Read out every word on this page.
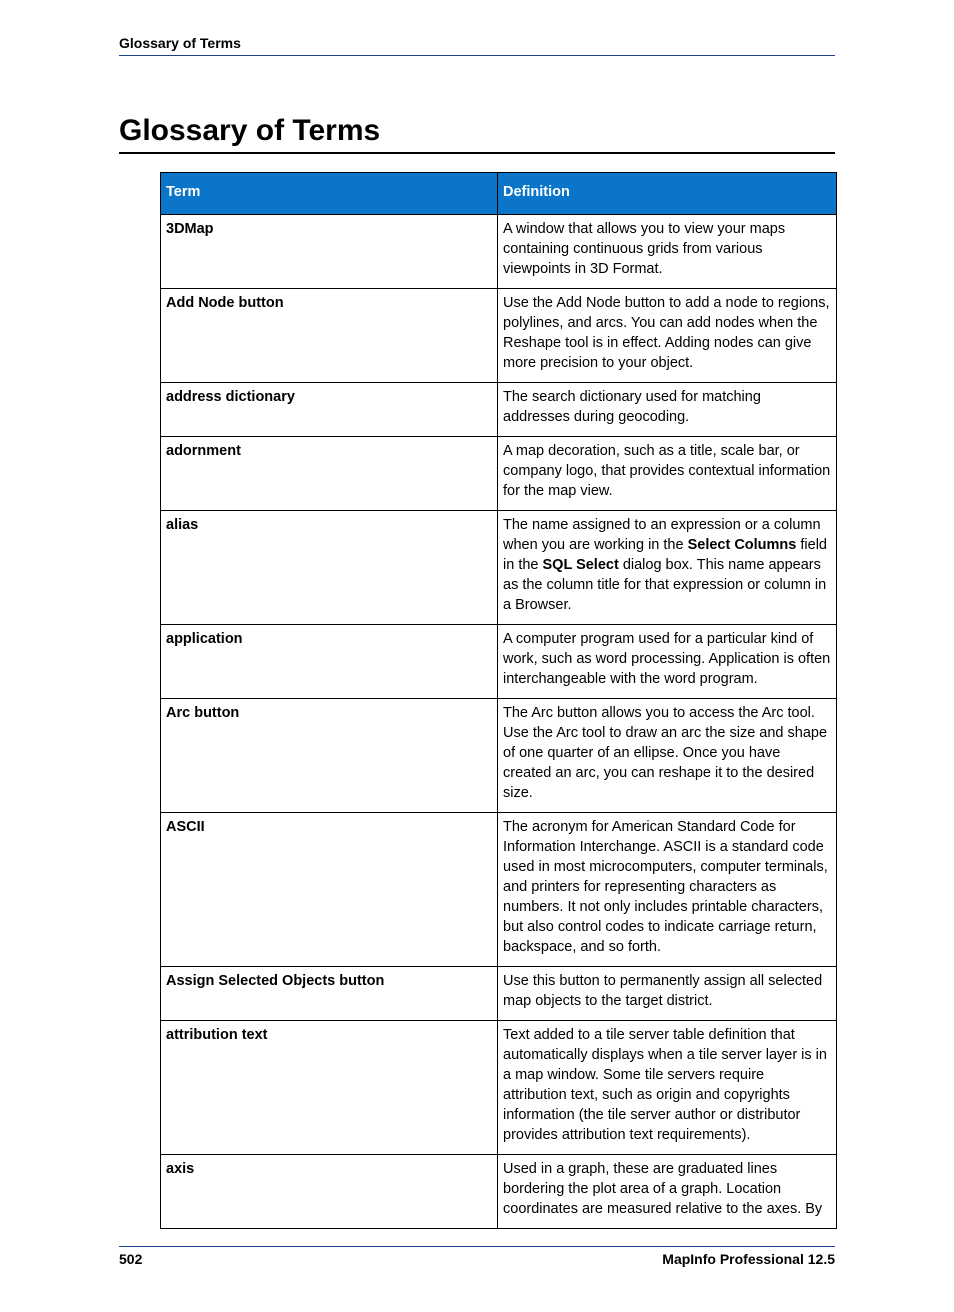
Glossary of Terms
Glossary of Terms
Term	Definition
3DMap	A window that allows you to view your maps containing continuous grids from various viewpoints in 3D Format.
Add Node button	Use the Add Node button to add a node to regions, polylines, and arcs. You can add nodes when the Reshape tool is in effect. Adding nodes can give more precision to your object.
address dictionary	The search dictionary used for matching addresses during geocoding.
adornment	A map decoration, such as a title, scale bar, or company logo, that provides contextual information for the map view.
alias	The name assigned to an expression or a column when you are working in the Select Columns field in the SQL Select dialog box. This name appears as the column title for that expression or column in a Browser.
application	A computer program used for a particular kind of work, such as word processing. Application is often interchangeable with the word program.
Arc button	The Arc button allows you to access the Arc tool. Use the Arc tool to draw an arc the size and shape of one quarter of an ellipse. Once you have created an arc, you can reshape it to the desired size.
ASCII	The acronym for American Standard Code for Information Interchange. ASCII is a standard code used in most microcomputers, computer terminals, and printers for representing characters as numbers. It not only includes printable characters, but also control codes to indicate carriage return, backspace, and so forth.
Assign Selected Objects button	Use this button to permanently assign all selected map objects to the target district.
attribution text	Text added to a tile server table definition that automatically displays when a tile server layer is in a map window. Some tile servers require attribution text, such as origin and copyrights information (the tile server author or distributor provides attribution text requirements).
axis	Used in a graph, these are graduated lines bordering the plot area of a graph. Location coordinates are measured relative to the axes. By
502	MapInfo Professional 12.5
